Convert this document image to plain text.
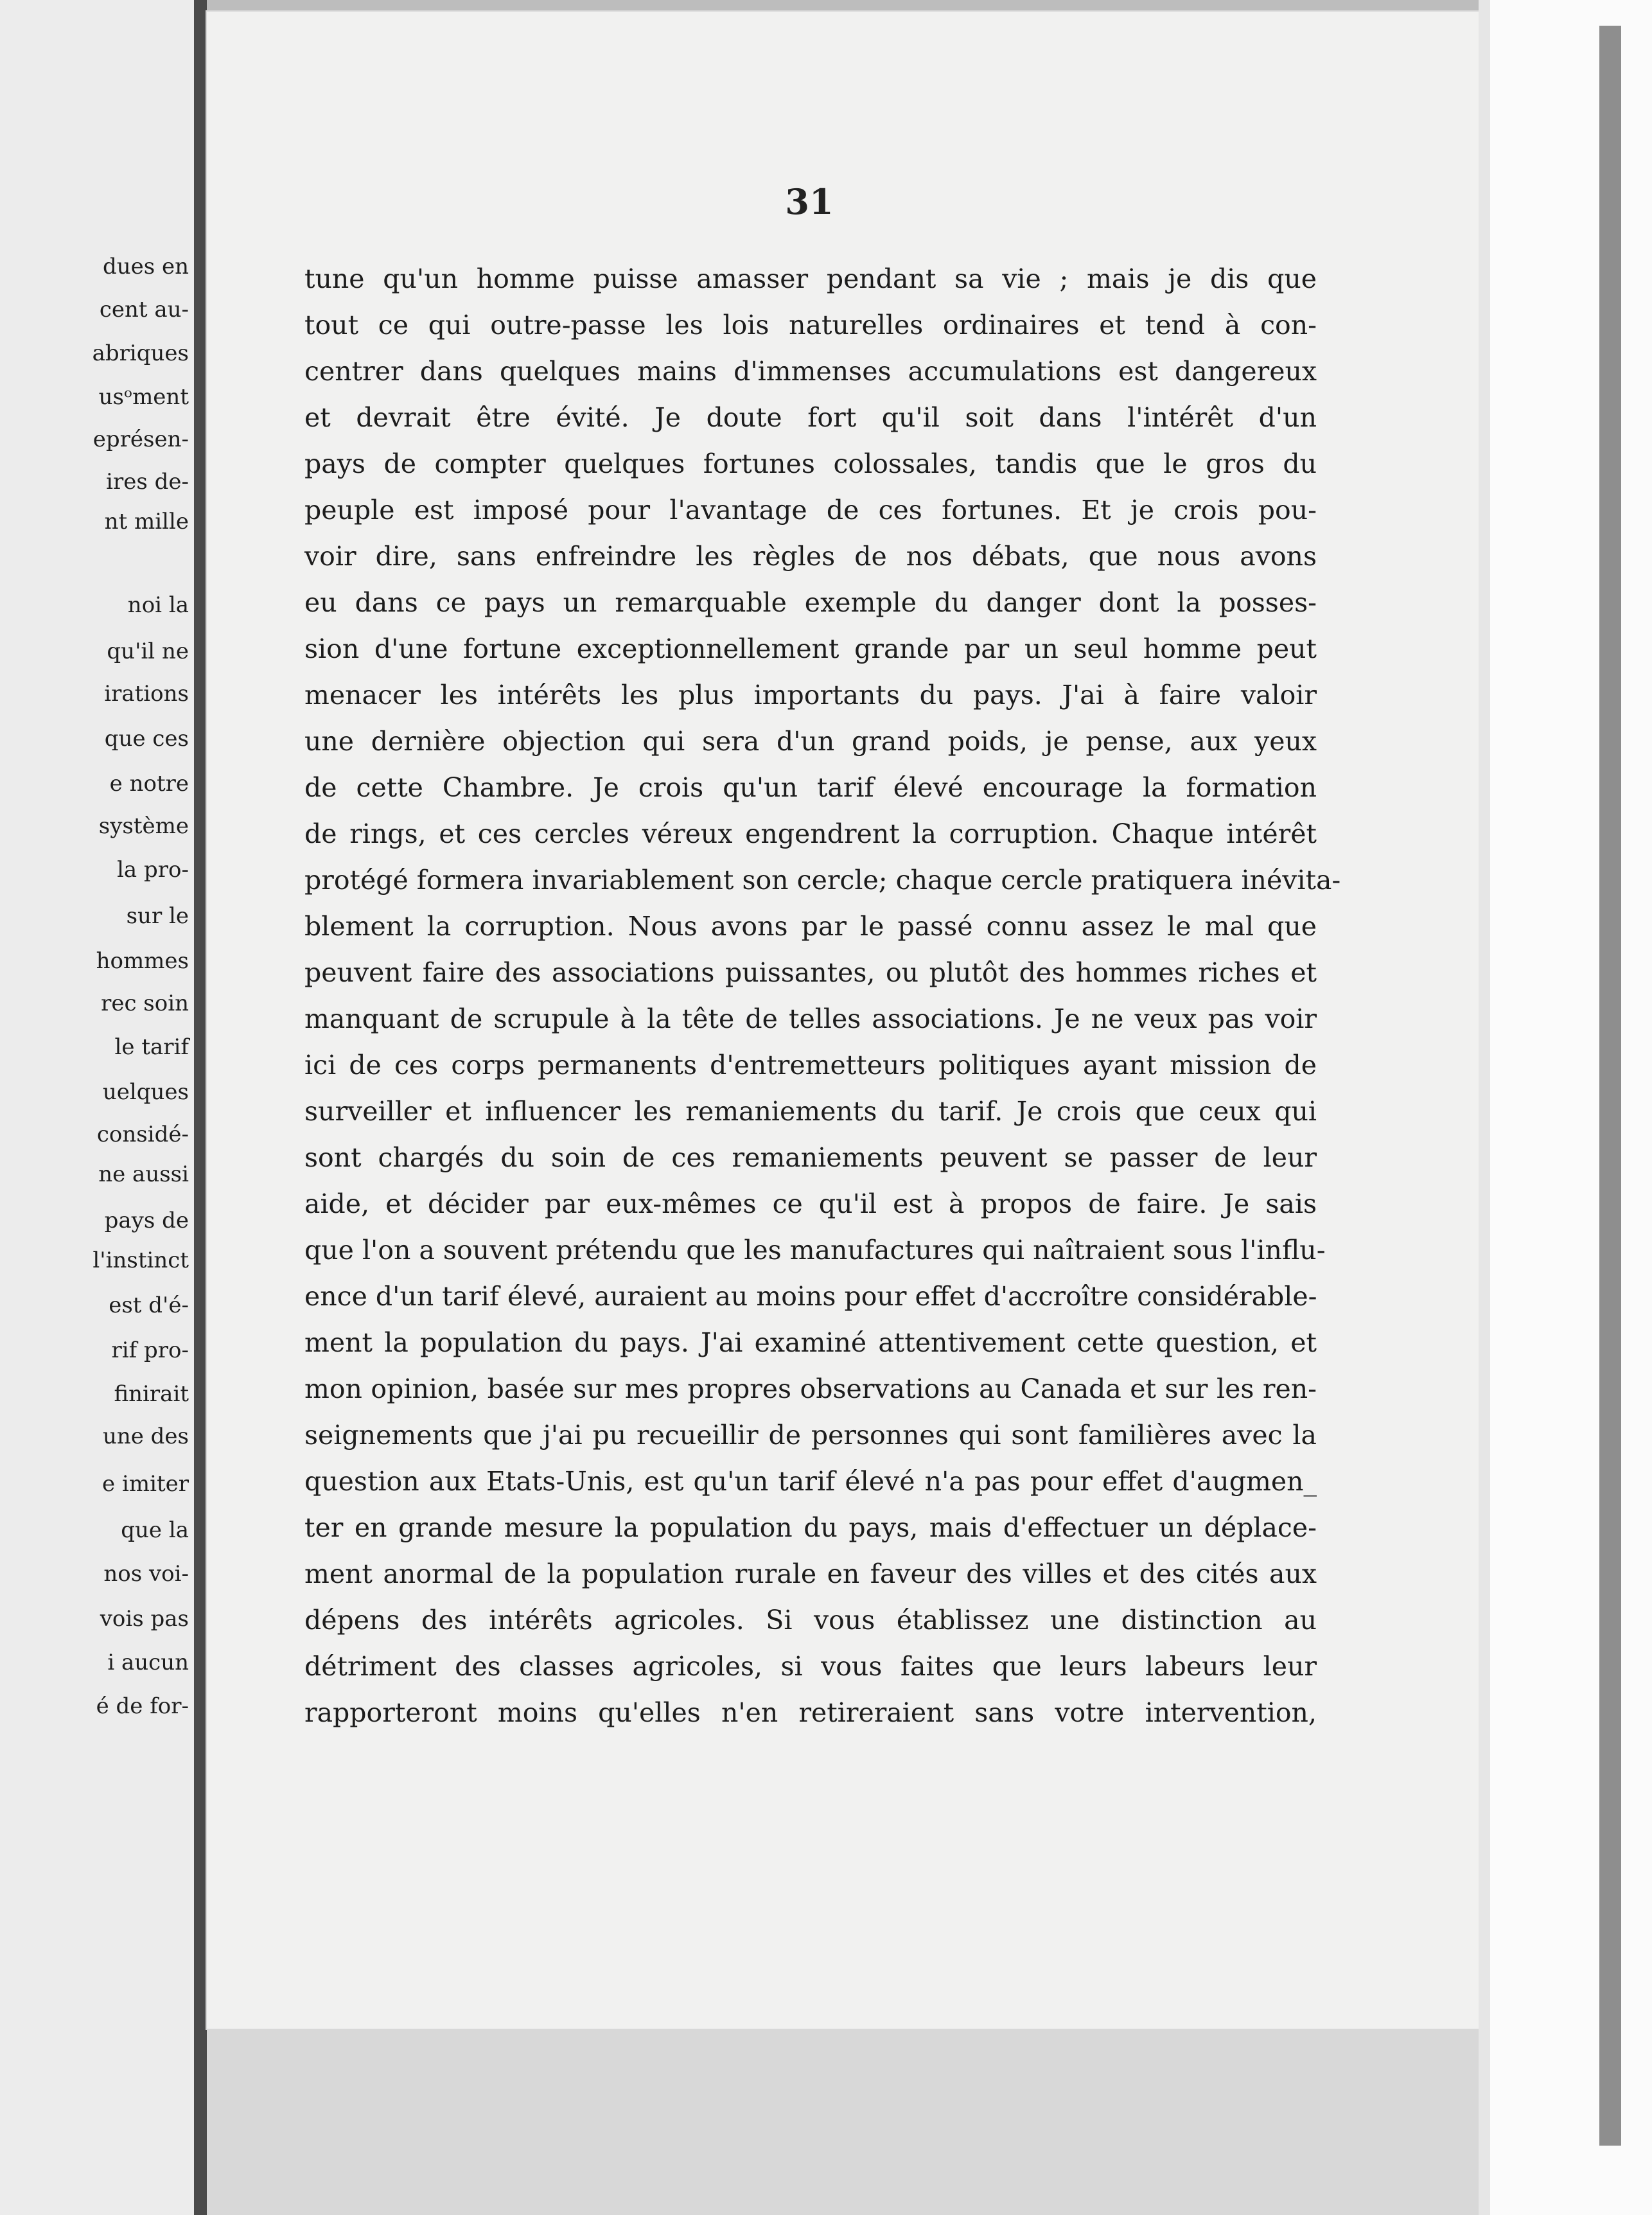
dues en
cent au-
abriques
usᵒment
eprésen-
ires de-
nt mille
noi la
qu'il ne
irations
que ces
e notre
système
la pro-
sur le
hommes
rec soin
le tarif
uelques
considé-
ne aussi
pays de
l'instinct
est d'é-
rif pro-
finirait
une des
e imiter
que la
nos voi-
vois pas
i aucun
é de for-
31
tune qu'un homme puisse amasser pendant sa vie ; mais je dis que
tout ce qui outre-passe les lois naturelles ordinaires et tend à con-
centrer dans quelques mains d'immenses accumulations est dangereux
et devrait être évité. Je doute fort qu'il soit dans l'intérêt d'un
pays de compter quelques fortunes colossales, tandis que le gros du
peuple est imposé pour l'avantage de ces fortunes. Et je crois pou-
voir dire, sans enfreindre les règles de nos débats, que nous avons
eu dans ce pays un remarquable exemple du danger dont la posses-
sion d'une fortune exceptionnellement grande par un seul homme peut
menacer les intérêts les plus importants du pays. J'ai à faire valoir
une dernière objection qui sera d'un grand poids, je pense, aux yeux
de cette Chambre. Je crois qu'un tarif élevé encourage la formation
de rings, et ces cercles véreux engendrent la corruption. Chaque intérêt
protégé formera invariablement son cercle; chaque cercle pratiquera inévita-
blement la corruption. Nous avons par le passé connu assez le mal que
peuvent faire des associations puissantes, ou plutôt des hommes riches et
manquant de scrupule à la tête de telles associations. Je ne veux pas voir
ici de ces corps permanents d'entremetteurs politiques ayant mission de
surveiller et influencer les remaniements du tarif. Je crois que ceux qui
sont chargés du soin de ces remaniements peuvent se passer de leur
aide, et décider par eux-mêmes ce qu'il est à propos de faire. Je sais
que l'on a souvent prétendu que les manufactures qui naîtraient sous l'influ-
ence d'un tarif élevé, auraient au moins pour effet d'accroître considérable-
ment la population du pays. J'ai examiné attentivement cette question, et
mon opinion, basée sur mes propres observations au Canada et sur les ren-
seignements que j'ai pu recueillir de personnes qui sont familières avec la
question aux Etats-Unis, est qu'un tarif élevé n'a pas pour effet d'augmen_
ter en grande mesure la population du pays, mais d'effectuer un déplace-
ment anormal de la population rurale en faveur des villes et des cités aux
dépens des intérêts agricoles. Si vous établissez une distinction au
détriment des classes agricoles, si vous faites que leurs labeurs leur
rapporteront moins qu'elles n'en retireraient sans votre intervention,
